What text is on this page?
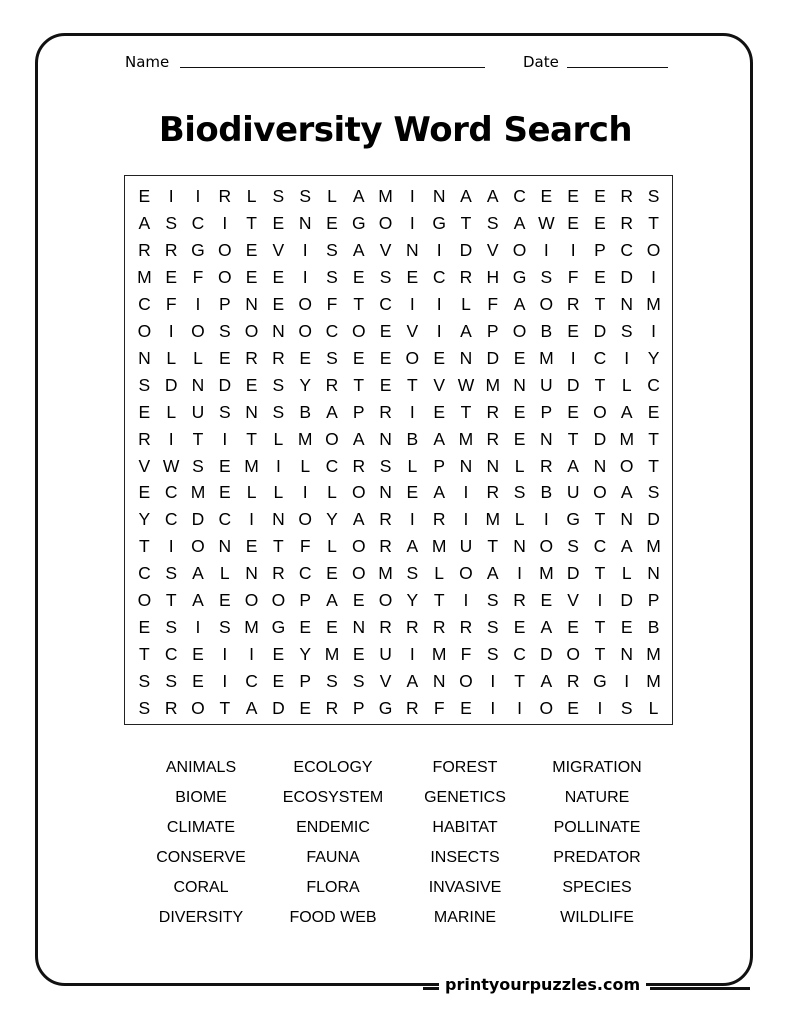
Name	Date
Biodiversity Word Search
E	I	I	R L S S L A M I	N A A C E E E R S
A S C	I	T E N E G O	I	G T S A W E E R T
R R G O E V	I	S A V N	I	D V O	I	I	P C O
M E F O E E	I	S E S E C R H G S F E D	I
C F	I	P N E O F T C	I	I	L F A O R T N M
O	I	O S O N O C O E V	I	A P O B E D S	I
N L L E R R E S E E O E N D E M I	C	I	Y
S D N D E S Y R T E T V W M N U D T L C
E L U S N S B A P R	I	E T R E P E O A E
R	I	T	I	T L M O A N B A M R E N T D M T
V W S E M I	L C R S L P N N L R A N O T
E C M E L L	I	L O N E A	I	R S B U O A S
Y C D C	I	N O Y A R	I	R	I M L	I	G T N D
T	I	O N E T F L O R A M U T N O S C A M
C S A L N R C E O M S L O A	I M D T L N
O T A E O O P A E O Y T	I	S R E V	I	D P
E S	I	S M G E E N R R R R S E A E T E B
T C E	I	I	E Y M E U	I M F S C D O T N M
S S E	I	C E P S S V A N O	I	T A R G	I M
S R O T A D E R P G R F E	I	I	O E	I	S L
ANIMALS
BIOME
CLIMATE
CONSERVE
CORAL
DIVERSITY
ECOLOGY
ECOSYSTEM
ENDEMIC
FAUNA
FLORA
FOOD WEB
FOREST
GENETICS
HABITAT
INSECTS
INVASIVE
MARINE
MIGRATION
NATURE
POLLINATE
PREDATOR
SPECIES
WILDLIFE
printyourpuzzles.com
